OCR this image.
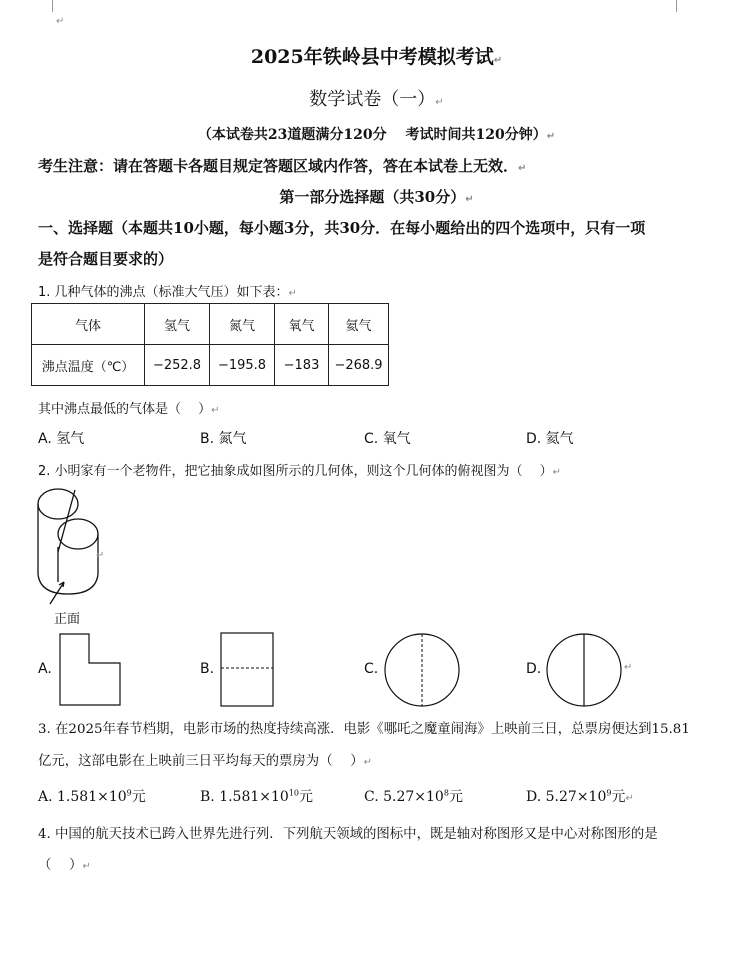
↵
2025年铁岭县中考模拟考试↵
数学试卷（一）↵
（本试卷共23道题满分120分　 考试时间共120分钟）↵
考生注意：请在答题卡各题目规定答题区域内作答，答在本试卷上无效．↵
第一部分选择题（共30分）↵
一、选择题（本题共10小题，每小题3分，共30分．在每小题给出的四个选项中，只有一项
是符合题目要求的）
1. 几种气体的沸点（标准大气压）如下表：↵
气体	氢气	氮气	氧气	氦气
沸点温度（℃）	−252.8	−195.8	−183	−268.9
其中沸点最低的气体是（　 ）↵
A. 氢气	B. 氮气	C. 氧气	D. 氦气
2. 小明家有一个老物件，把它抽象成如图所示的几何体，则这个几何体的俯视图为（　 ）↵
↵
正面
A.	B.	C.	D.	↵
3. 在2025年春节档期，电影市场的热度持续高涨．电影《哪吒之魔童闹海》上映前三日，总票房便达到15.81
亿元，这部电影在上映前三日平均每天的票房为（　 ）↵
A. $1.581\times 10^9$元	B. $1.581\times 10^{10}$元	C. $5.27\times 10^8$元	D. $5.27\times 10^9$元↵
4. 中国的航天技术已跨入世界先进行列．下列航天领域的图标中，既是轴对称图形又是中心对称图形的是
（　 ）↵
